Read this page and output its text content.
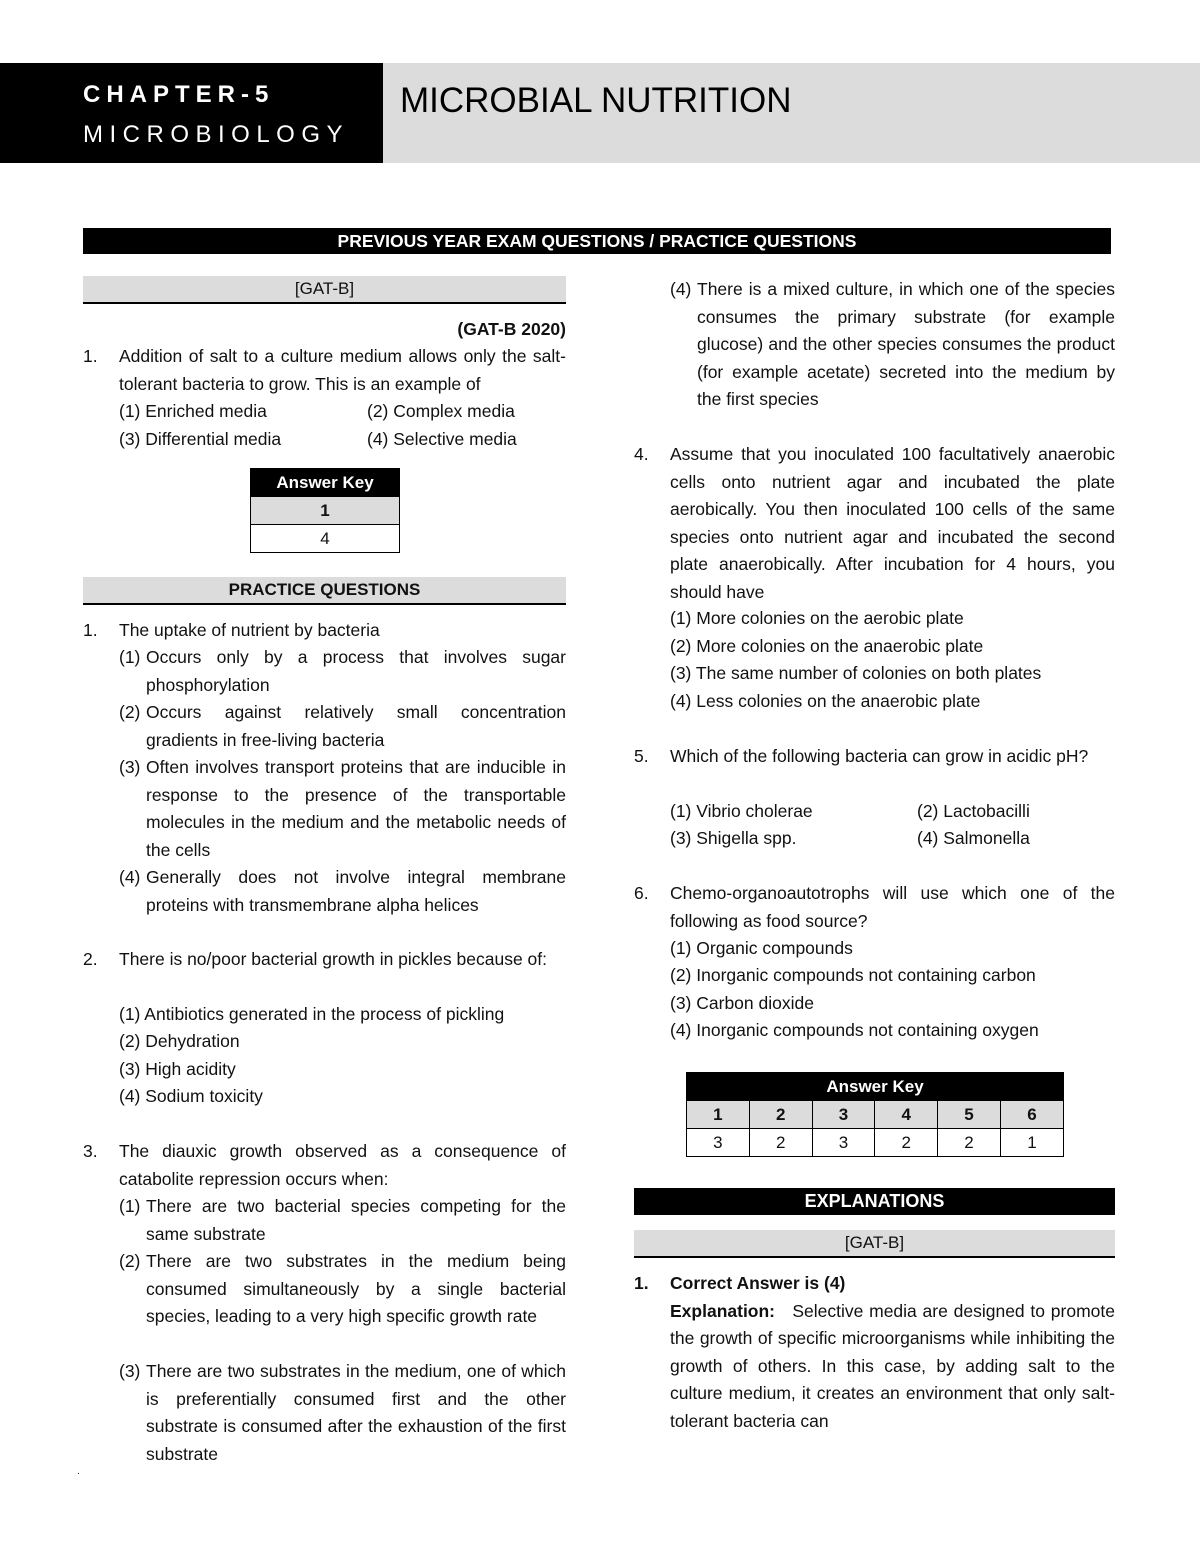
CHAPTER-5
MICROBIOLOGY
MICROBIAL NUTRITION
PREVIOUS YEAR EXAM QUESTIONS / PRACTICE QUESTIONS
[GAT-B]
(GAT-B 2020)
1. Addition of salt to a culture medium allows only the salt-tolerant bacteria to grow. This is an example of
(1) Enriched media	(2) Complex media
(3) Differential media	(4) Selective media
Answer Key
1
4
PRACTICE QUESTIONS
1. The uptake of nutrient by bacteria
(1) Occurs only by a process that involves sugar phosphorylation
(2) Occurs against relatively small concentration gradients in free-living bacteria
(3) Often involves transport proteins that are inducible in response to the presence of the transportable molecules in the medium and the metabolic needs of the cells
(4) Generally does not involve integral membrane proteins with transmembrane alpha helices
2. There is no/poor bacterial growth in pickles because of:
(1) Antibiotics generated in the process of pickling
(2) Dehydration
(3) High acidity
(4) Sodium toxicity
3. The diauxic growth observed as a consequence of catabolite repression occurs when:
(1) There are two bacterial species competing for the same substrate
(2) There are two substrates in the medium being consumed simultaneously by a single bacterial species, leading to a very high specific growth rate
(3) There are two substrates in the medium, one of which is preferentially consumed first and the other substrate is consumed after the exhaustion of the first substrate
.
(4) There is a mixed culture, in which one of the species consumes the primary substrate (for example glucose) and the other species consumes the product (for example acetate) secreted into the medium by the first species
4. Assume that you inoculated 100 facultatively anaerobic cells onto nutrient agar and incubated the plate aerobically. You then inoculated 100 cells of the same species onto nutrient agar and incubated the second plate anaerobically. After incubation for 4 hours, you should have
(1) More colonies on the aerobic plate
(2) More colonies on the anaerobic plate
(3) The same number of colonies on both plates
(4) Less colonies on the anaerobic plate
5. Which of the following bacteria can grow in acidic pH?
(1) Vibrio cholerae	(2) Lactobacilli
(3) Shigella spp.	(4) Salmonella
6. Chemo-organoautotrophs will use which one of the following as food source?
(1) Organic compounds
(2) Inorganic compounds not containing carbon
(3) Carbon dioxide
(4) Inorganic compounds not containing oxygen
Answer Key					
1	2	3	4	5	6
3	2	3	2	2	1
EXPLANATIONS
[GAT-B]
1. Correct Answer is (4)
Explanation: Selective media are designed to promote the growth of specific microorganisms while inhibiting the growth of others. In this case, by adding salt to the culture medium, it creates an environment that only salt-tolerant bacteria can
